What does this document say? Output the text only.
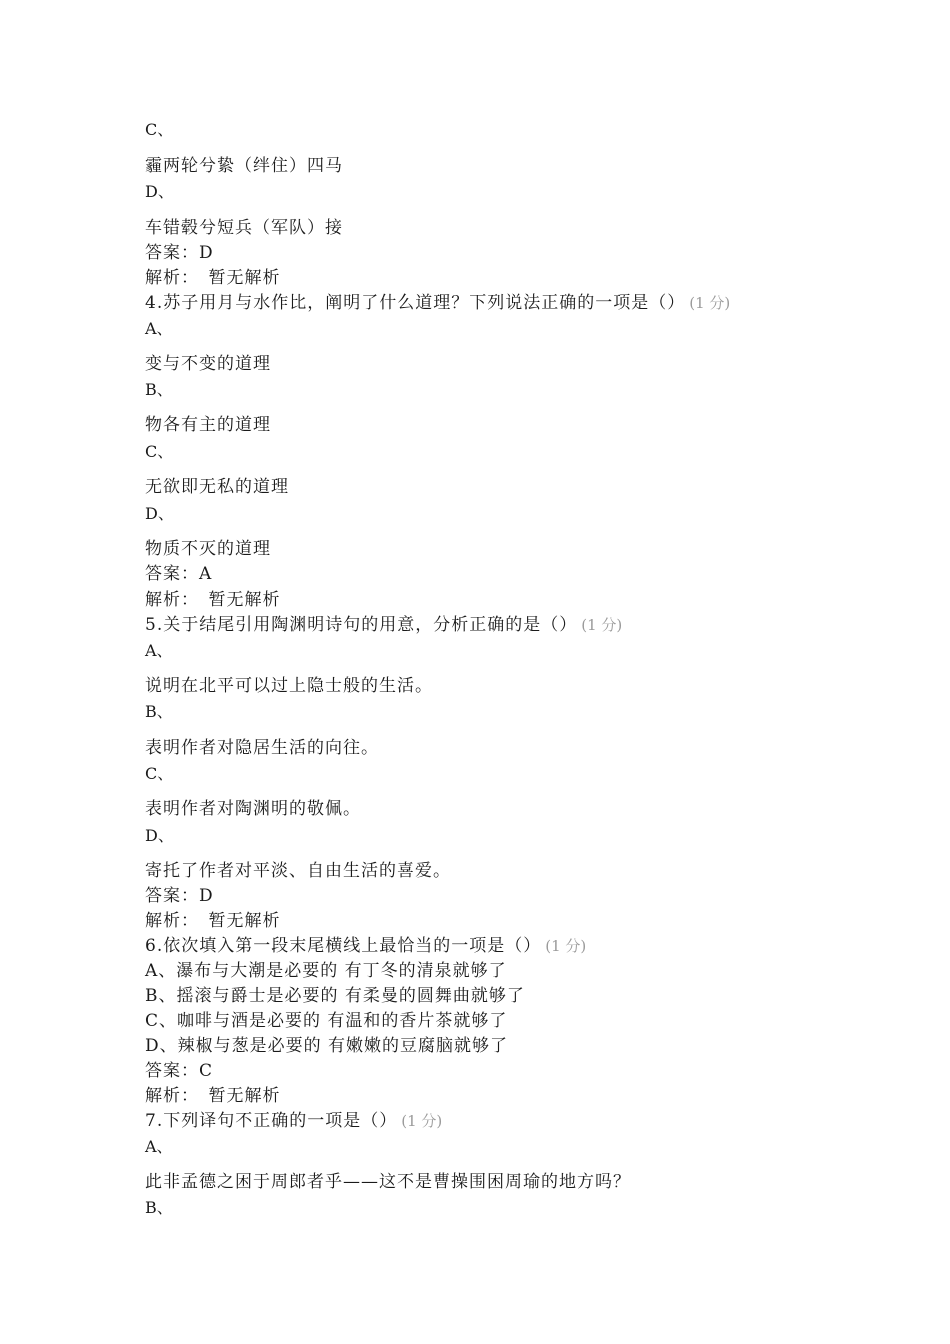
C、
霾两轮兮絷（绊住）四马
D、
车错毂兮短兵（军队）接
答案：D
解析：　暂无解析
4.苏子用月与水作比，阐明了什么道理？下列说法正确的一项是（） (1 分)
A、
变与不变的道理
B、
物各有主的道理
C、
无欲即无私的道理
D、
物质不灭的道理
答案：A
解析：　暂无解析
5.关于结尾引用陶渊明诗句的用意，分析正确的是（） (1 分)
A、
说明在北平可以过上隐士般的生活。
B、
表明作者对隐居生活的向往。
C、
表明作者对陶渊明的敬佩。
D、
寄托了作者对平淡、自由生活的喜爱。
答案：D
解析：　暂无解析
6.依次填入第一段末尾横线上最恰当的一项是（） (1 分)
A、瀑布与大潮是必要的 有丁冬的清泉就够了
B、摇滚与爵士是必要的 有柔曼的圆舞曲就够了
C、咖啡与酒是必要的 有温和的香片茶就够了
D、辣椒与葱是必要的 有嫩嫩的豆腐脑就够了
答案：C
解析：　暂无解析
7.下列译句不正确的一项是（） (1 分)
A、
此非孟德之困于周郎者乎——这不是曹操围困周瑜的地方吗？
B、
